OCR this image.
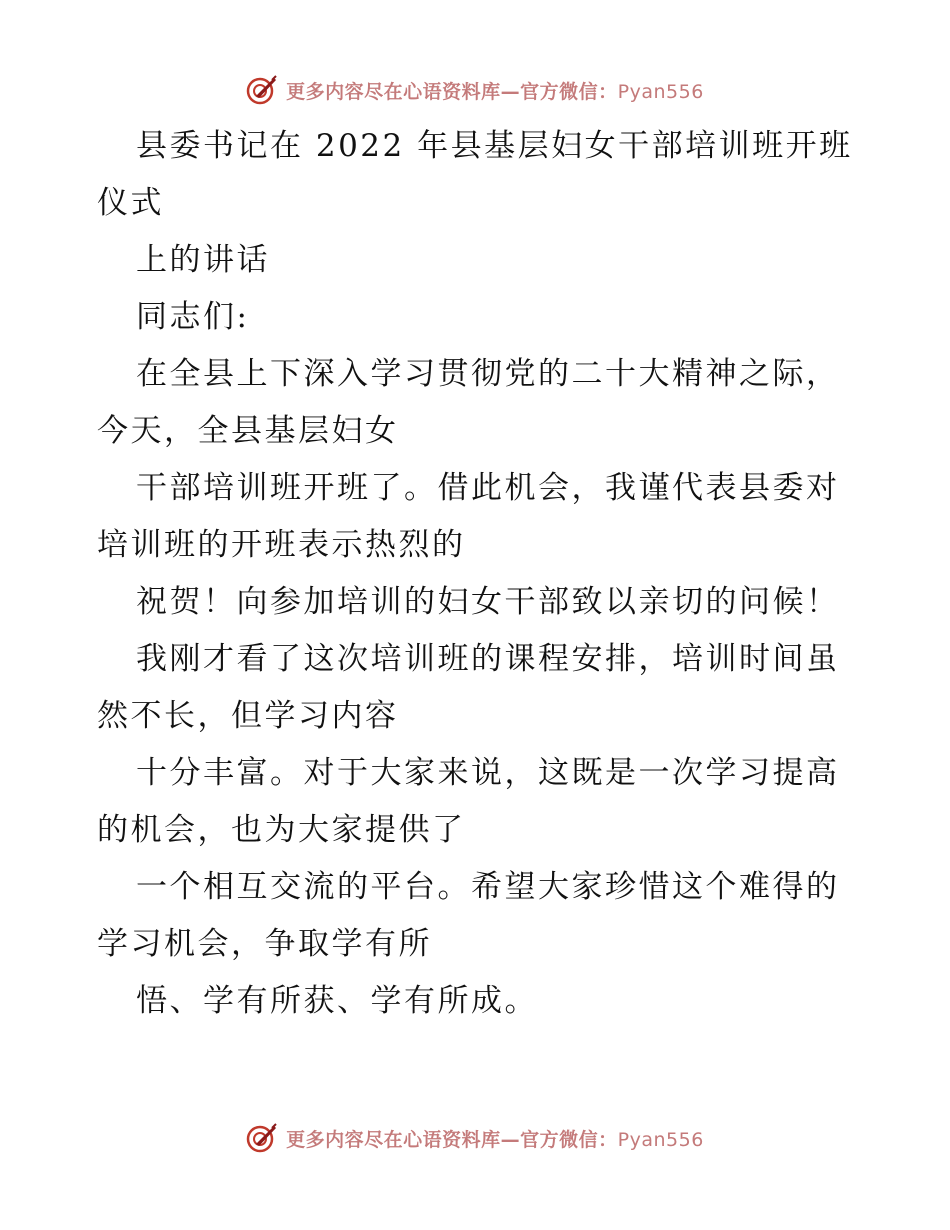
更多内容尽在心语资料库—官方微信：Pyan556
县委书记在 2022 年县基层妇女干部培训班开班
仪式
上的讲话
同志们:
在全县上下深入学习贯彻党的二十大精神之际，
今天，全县基层妇女
干部培训班开班了。借此机会，我谨代表县委对
培训班的开班表示热烈的
祝贺！向参加培训的妇女干部致以亲切的问候！
我刚才看了这次培训班的课程安排，培训时间虽
然不长，但学习内容
十分丰富。对于大家来说，这既是一次学习提高
的机会，也为大家提供了
一个相互交流的平台。希望大家珍惜这个难得的
学习机会，争取学有所
悟、学有所获、学有所成。
更多内容尽在心语资料库—官方微信：Pyan556
